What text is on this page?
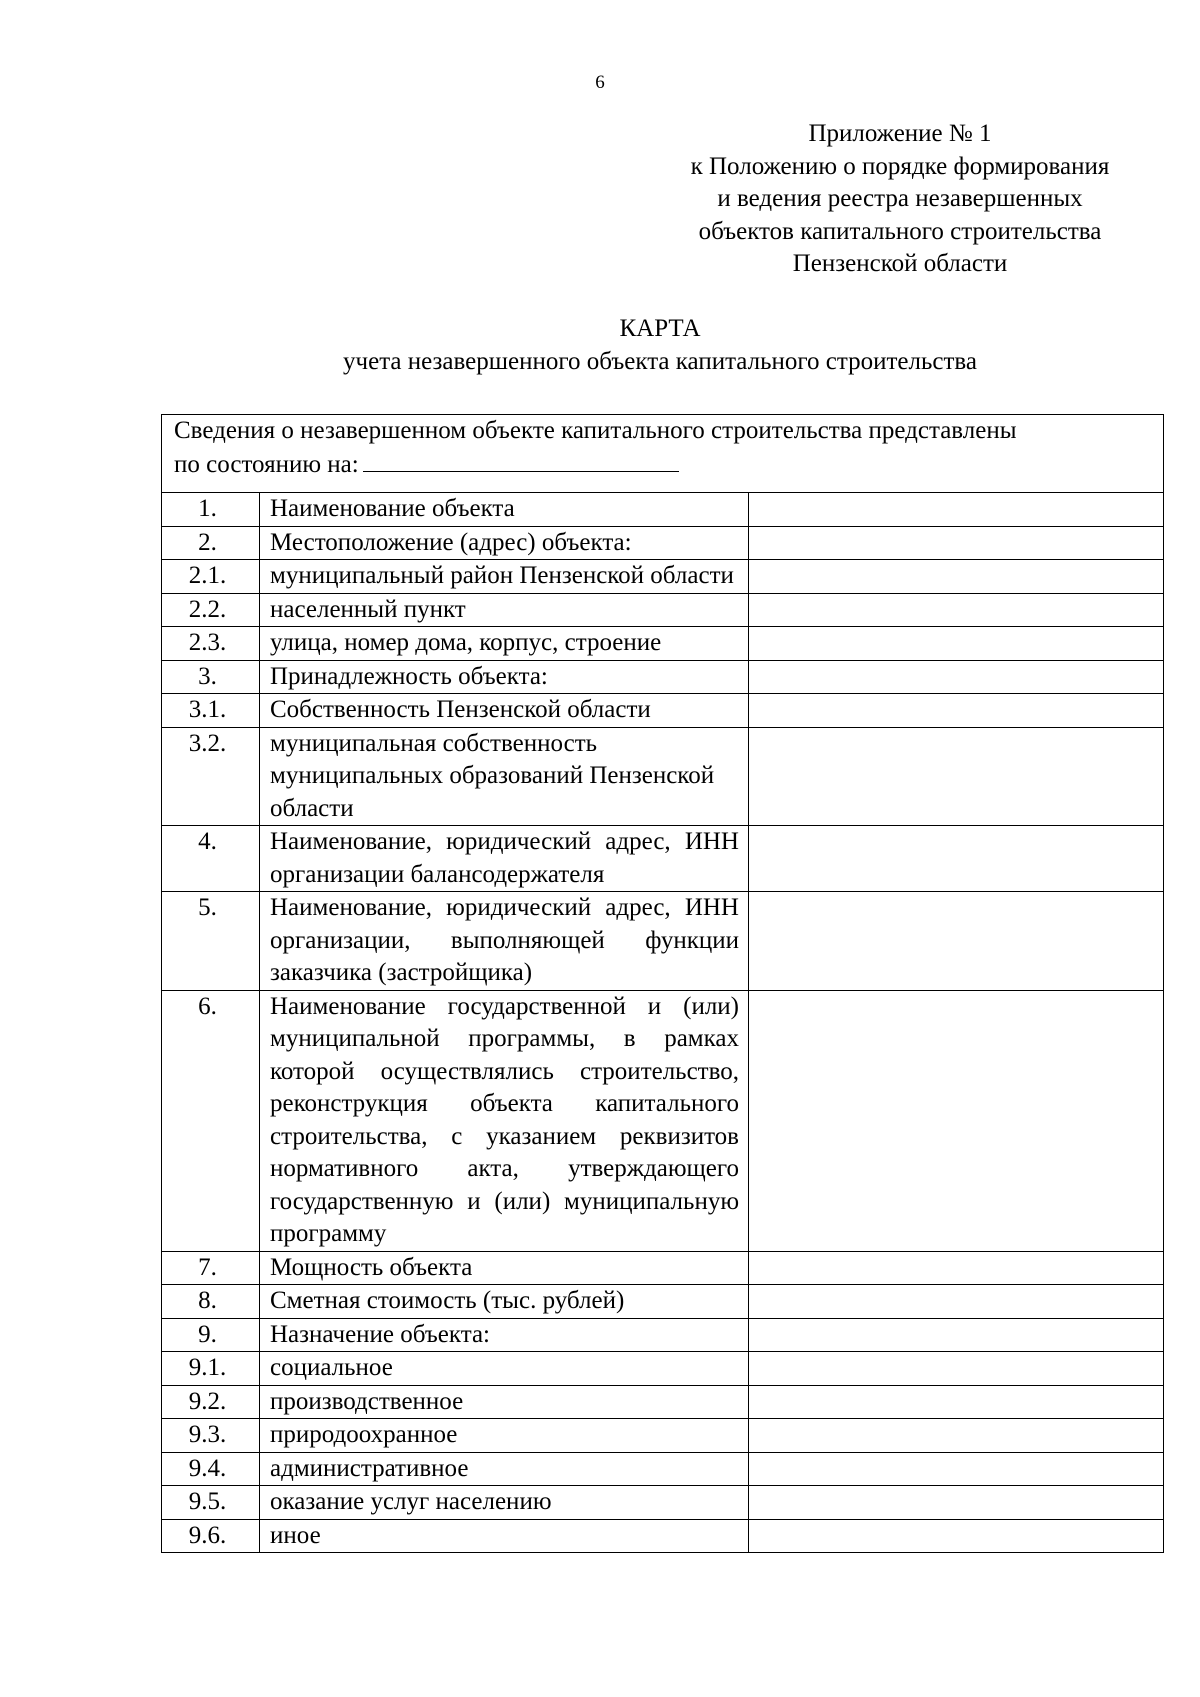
6
Приложение № 1
к Положению о порядке формирования
и ведения реестра незавершенных
объектов капитального строительства
Пензенской области
КАРТА
учета незавершенного объекта капитального строительства
Сведения о незавершенном объекте капитального строительства представлены
по состоянию на:		
1.	Наименование объекта	
2.	Местоположение (адрес) объекта:	
2.1.	муниципальный район Пензенской области	
2.2.	населенный пункт	
2.3.	улица, номер дома, корпус, строение	
3.	Принадлежность объекта:	
3.1.	Собственность Пензенской области	
3.2.	муниципальная собственность муниципальных образований Пензенской области	
4.	Наименование, юридический адрес, ИНН организации балансодержателя	
5.	Наименование, юридический адрес, ИНН организации, выполняющей функции заказчика (застройщика)	
6.	Наименование государственной и (или) муниципальной программы, в рамках которой осуществлялись строительство, реконструкция объекта капитального строительства, с указанием реквизитов нормативного акта, утверждающего государственную и (или) муниципальную программу	
7.	Мощность объекта	
8.	Сметная стоимость (тыс. рублей)	
9.	Назначение объекта:	
9.1.	социальное	
9.2.	производственное	
9.3.	природоохранное	
9.4.	административное	
9.5.	оказание услуг населению	
9.6.	иное	
